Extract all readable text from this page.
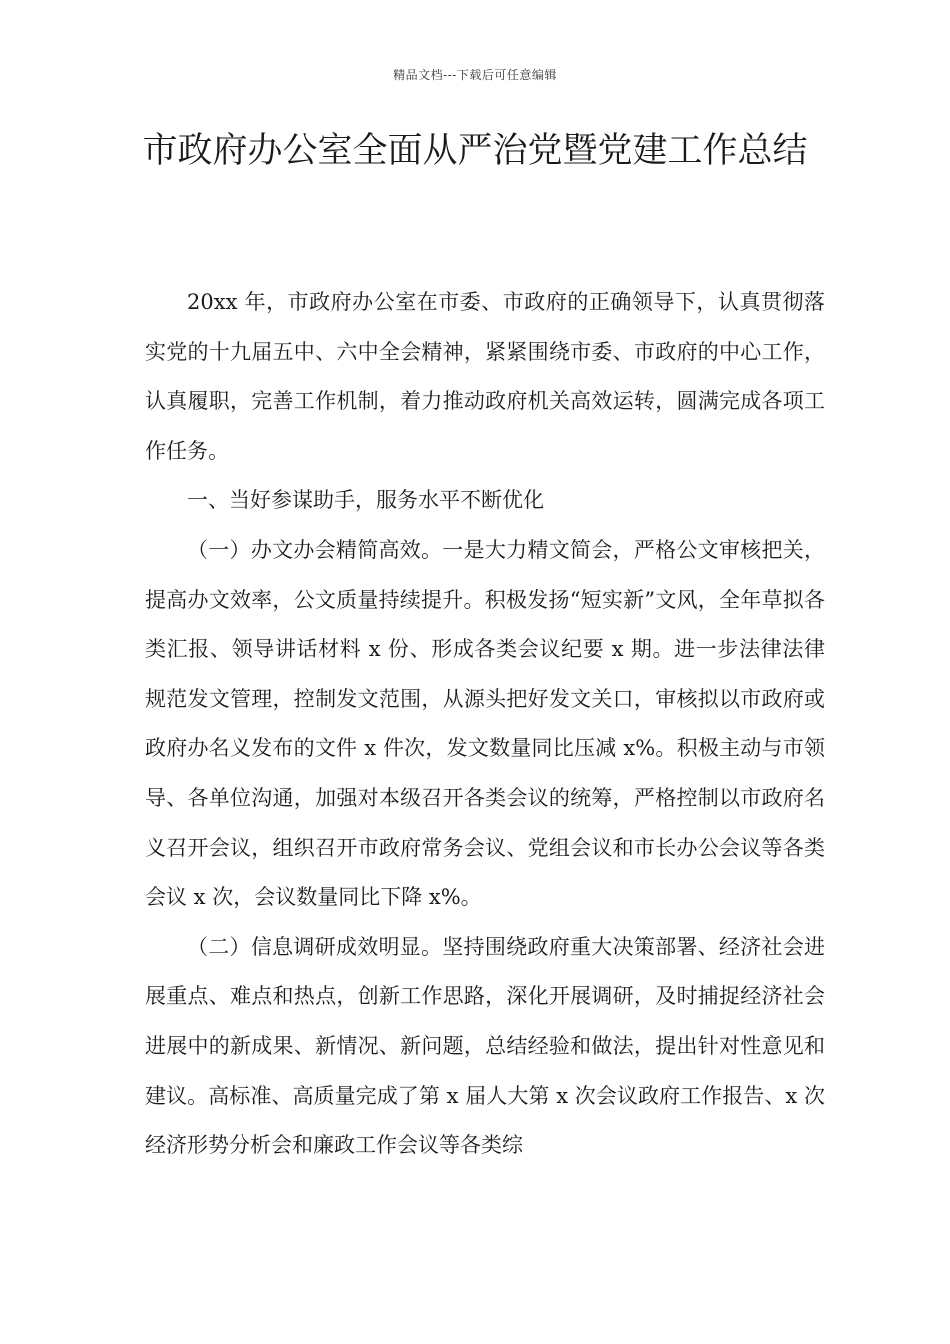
精品文档---下载后可任意编辑
市政府办公室全面从严治党暨党建工作总结

20xx 年，市政府办公室在市委、市政府的正确领导下，认真贯彻落实党的十九届五中、六中全会精神，紧紧围绕市委、市政府的中心工作，认真履职，完善工作机制，着力推动政府机关高效运转，圆满完成各项工作任务。

一、当好参谋助手，服务水平不断优化

（一）办文办会精简高效。一是大力精文简会，严格公文审核把关，提高办文效率，公文质量持续提升。积极发扬“短实新”文风，全年草拟各类汇报、领导讲话材料 x 份、形成各类会议纪要 x 期。进一步法律法律规范发文管理，控制发文范围，从源头把好发文关口，审核拟以市政府或政府办名义发布的文件 x 件次，发文数量同比压减 x%。积极主动与市领导、各单位沟通，加强对本级召开各类会议的统筹，严格控制以市政府名义召开会议，组织召开市政府常务会议、党组会议和市长办公会议等各类会议 x 次，会议数量同比下降 x%。

（二）信息调研成效明显。坚持围绕政府重大决策部署、经济社会进展重点、难点和热点，创新工作思路，深化开展调研，及时捕捉经济社会进展中的新成果、新情况、新问题，总结经验和做法，提出针对性意见和建议。高标准、高质量完成了第 x 届人大第 x 次会议政府工作报告、x 次经济形势分析会和廉政工作会议等各类综
